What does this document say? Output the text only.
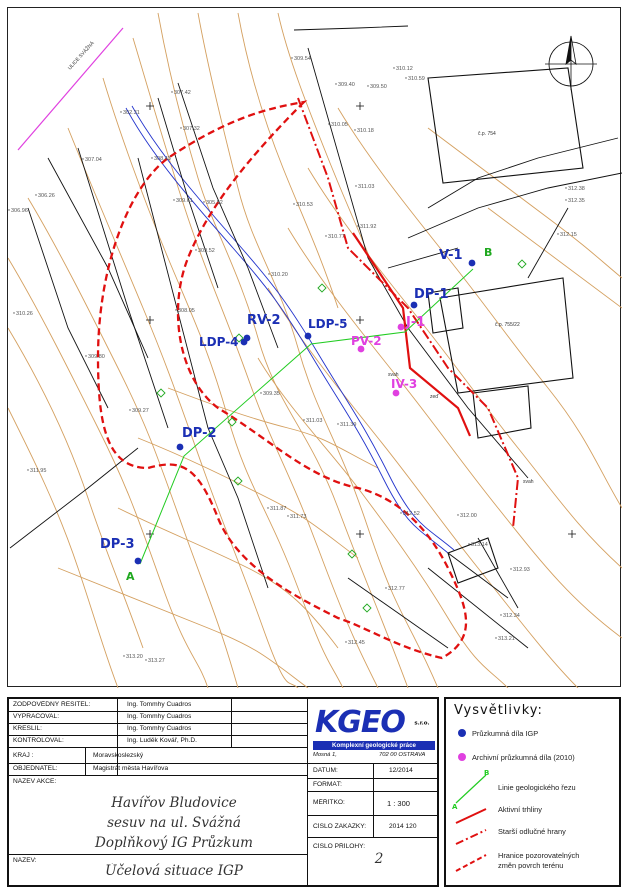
ULICE SVÁŽNÁ
č.p. 754
č.p. 755/22
A
B
310.12
310.59
309.54
309.40	309.50
310.05
310.18
307.42
307.32
305.52
302.31
307.04
306.26
306.96
308.43
309.61
311.03
310.53
311.92
310.77
312.38
312.35
312.15
309.52
310.20
309.80
308.05
309.35
310.26
309.27
311.03
311.39
311.95
311.87
312.77
313.20
311.73	312.52
313.14
312.00
312.93
312.34
313.27
312.45
313.21
svah
svah
zeď
V-1
DP-1
LDP-5
RV-2
LDP-4
DP-2
DP-3
J-1
PV-2
IV-3
ZODPOVĚDNÝ ŘEŠITEL:	Ing. Tommhy Cuadros
VYPRACOVAL:	Ing. Tommhy Cuadros
KRESLIL:	Ing. Tommhy Cuadros
KONTROLOVAL:	Ing. Luděk Kovář, Ph.D.
KRAJ :	Moravskoslezský
OBJEDNATEL:	Magistrát města Havířova
NÁZEV AKCE:
Havířov Bludovice
sesuv na ul. Svážná
Doplňkový IG Průzkum
NÁZEV:
Účelová situace IGP
KGEO s.r.o.
Komplexní geologické práce
Mosná 1,	702 00 OSTRAVA
DATUM:	12/2014
FORMÁT:
MĚŘÍTKO:	1 : 300
ČÍSLO ZAKÁZKY:	2014 120
ČÍSLO PŘÍLOHY:
2
Vysvětlivky:
A
B
Průzkumná díla IGP
Archivní průzkumná díla (2010)
Linie geologického řezu
Aktivní trhliny
Starší odlučné hrany
Hranice pozorovatelných
změn povrch terénu
